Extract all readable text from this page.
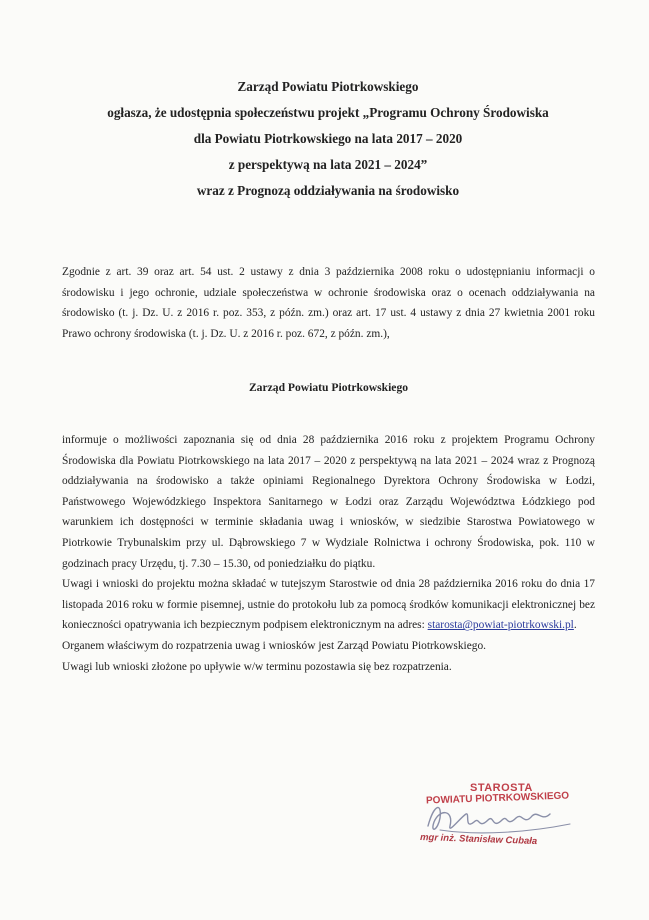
Zarząd Powiatu Piotrkowskiego
ogłasza, że udostępnia społeczeństwu projekt „Programu Ochrony Środowiska
dla Powiatu Piotrkowskiego na lata 2017 – 2020
z perspektywą na lata 2021 – 2024”
wraz z Prognozą oddziaływania na środowisko
Zgodnie z art. 39 oraz art. 54 ust. 2 ustawy z dnia 3 października 2008 roku o udostępnianiu informacji o środowisku i jego ochronie, udziale społeczeństwa w ochronie środowiska oraz o ocenach oddziaływania na środowisko (t. j. Dz. U. z 2016 r. poz. 353, z późn. zm.) oraz art. 17 ust. 4 ustawy z dnia 27 kwietnia 2001 roku Prawo ochrony środowiska (t. j. Dz. U. z 2016 r. poz. 672, z późn. zm.),
Zarząd Powiatu Piotrkowskiego

informuje o możliwości zapoznania się od dnia 28 października 2016 roku z projektem Programu Ochrony Środowiska dla Powiatu Piotrkowskiego na lata 2017 – 2020 z perspektywą na lata 2021 – 2024 wraz z Prognozą oddziaływania na środowisko a także opiniami Regionalnego Dyrektora Ochrony Środowiska w Łodzi, Państwowego Wojewódzkiego Inspektora Sanitarnego w Łodzi oraz Zarządu Województwa Łódzkiego pod warunkiem ich dostępności w terminie składania uwag i wniosków, w siedzibie Starostwa Powiatowego w Piotrkowie Trybunalskim przy ul. Dąbrowskiego 7 w Wydziale Rolnictwa i ochrony Środowiska, pok. 110 w godzinach pracy Urzędu, tj. 7.30 – 15.30, od poniedziałku do piątku.

Uwagi i wnioski do projektu można składać w tutejszym Starostwie od dnia 28 października 2016 roku do dnia 17 listopada 2016 roku w formie pisemnej, ustnie do protokołu lub za pomocą środków komunikacji elektronicznej bez konieczności opatrywania ich bezpiecznym podpisem elektronicznym na adres: starosta@powiat-piotrkowski.pl.

Organem właściwym do rozpatrzenia uwag i wniosków jest Zarząd Powiatu Piotrkowskiego.

Uwagi lub wnioski złożone po upływie w/w terminu pozostawia się bez rozpatrzenia.

STAROSTA
POWIATU PIOTRKOWSKIEGO
mgr inż. Stanisław Cubała
